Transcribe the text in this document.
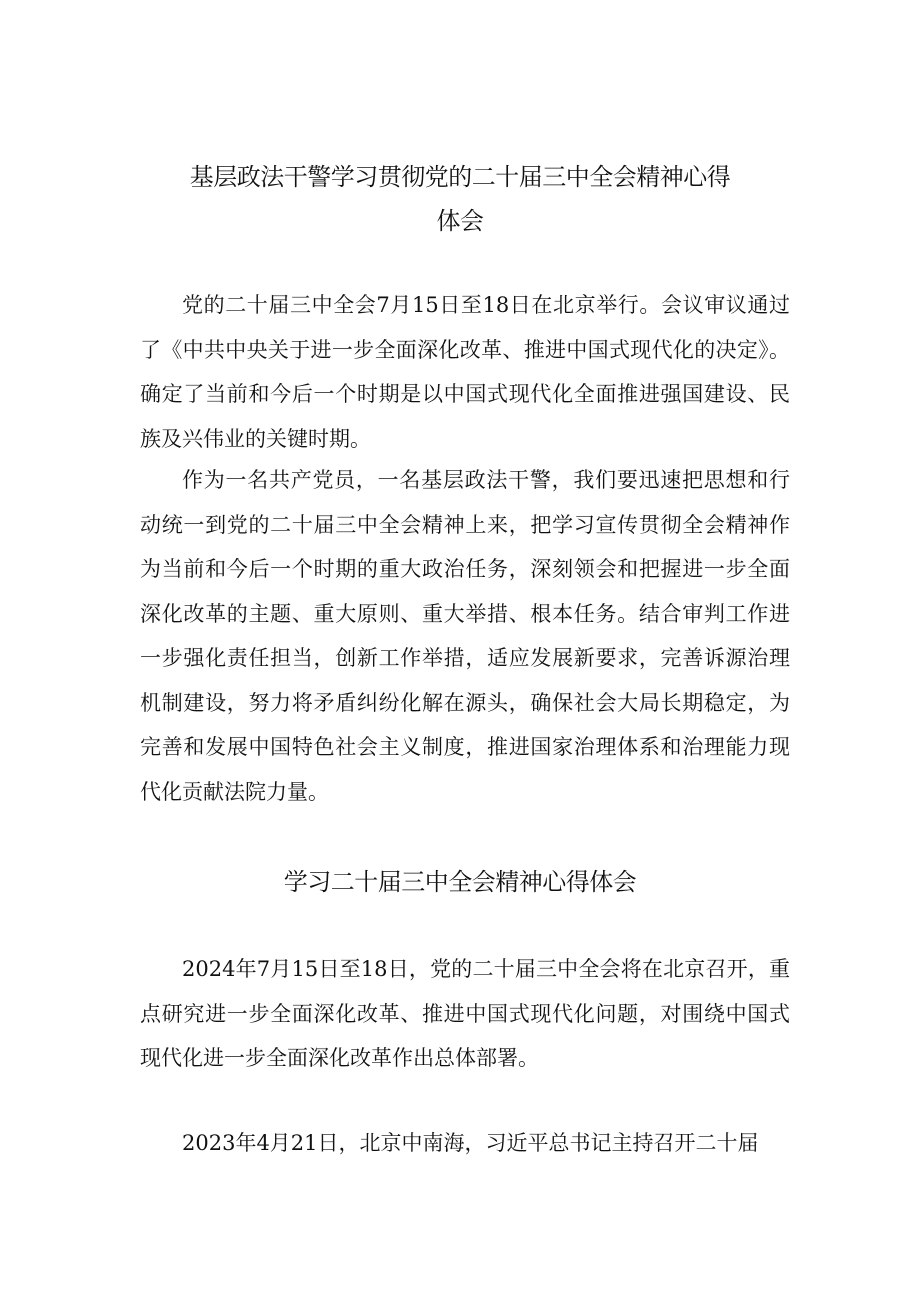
基层政法干警学习贯彻党的二十届三中全会精神心得
体会

党的二十届三中全会7月15日至18日在北京举行。会议审议通过了《中共中央关于进一步全面深化改革、推进中国式现代化的决定》。确定了当前和今后一个时期是以中国式现代化全面推进强国建设、民族及兴伟业的关键时期。

作为一名共产党员，一名基层政法干警，我们要迅速把思想和行动统一到党的二十届三中全会精神上来，把学习宣传贯彻全会精神作为当前和今后一个时期的重大政治任务，深刻领会和把握进一步全面深化改革的主题、重大原则、重大举措、根本任务。结合审判工作进一步强化责任担当，创新工作举措，适应发展新要求，完善诉源治理机制建设，努力将矛盾纠纷化解在源头，确保社会大局长期稳定，为完善和发展中国特色社会主义制度，推进国家治理体系和治理能力现代化贡献法院力量。

学习二十届三中全会精神心得体会

2024年7月15日至18日，党的二十届三中全会将在北京召开，重点研究进一步全面深化改革、推进中国式现代化问题，对围绕中国式现代化进一步全面深化改革作出总体部署。

2023年4月21日，北京中南海，习近平总书记主持召开二十届
